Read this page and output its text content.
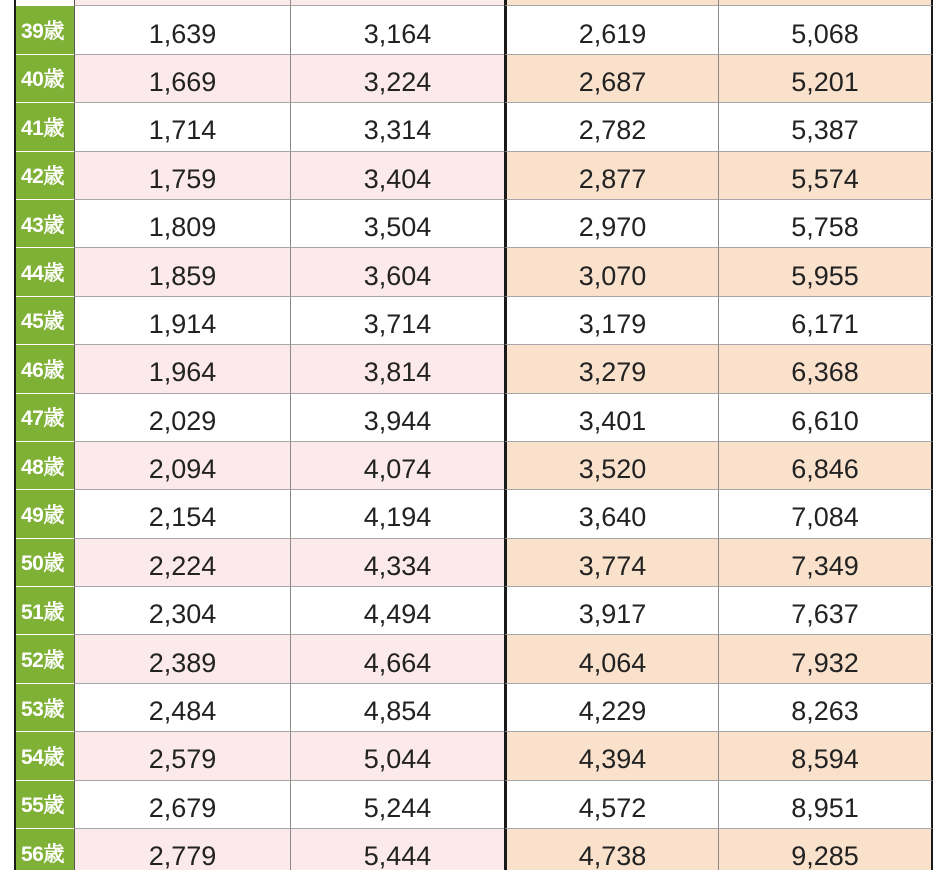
39歳	1,639	3,164	2,619	5,068
40歳	1,669	3,224	2,687	5,201
41歳	1,714	3,314	2,782	5,387
42歳	1,759	3,404	2,877	5,574
43歳	1,809	3,504	2,970	5,758
44歳	1,859	3,604	3,070	5,955
45歳	1,914	3,714	3,179	6,171
46歳	1,964	3,814	3,279	6,368
47歳	2,029	3,944	3,401	6,610
48歳	2,094	4,074	3,520	6,846
49歳	2,154	4,194	3,640	7,084
50歳	2,224	4,334	3,774	7,349
51歳	2,304	4,494	3,917	7,637
52歳	2,389	4,664	4,064	7,932
53歳	2,484	4,854	4,229	8,263
54歳	2,579	5,044	4,394	8,594
55歳	2,679	5,244	4,572	8,951
56歳	2,779	5,444	4,738	9,285
